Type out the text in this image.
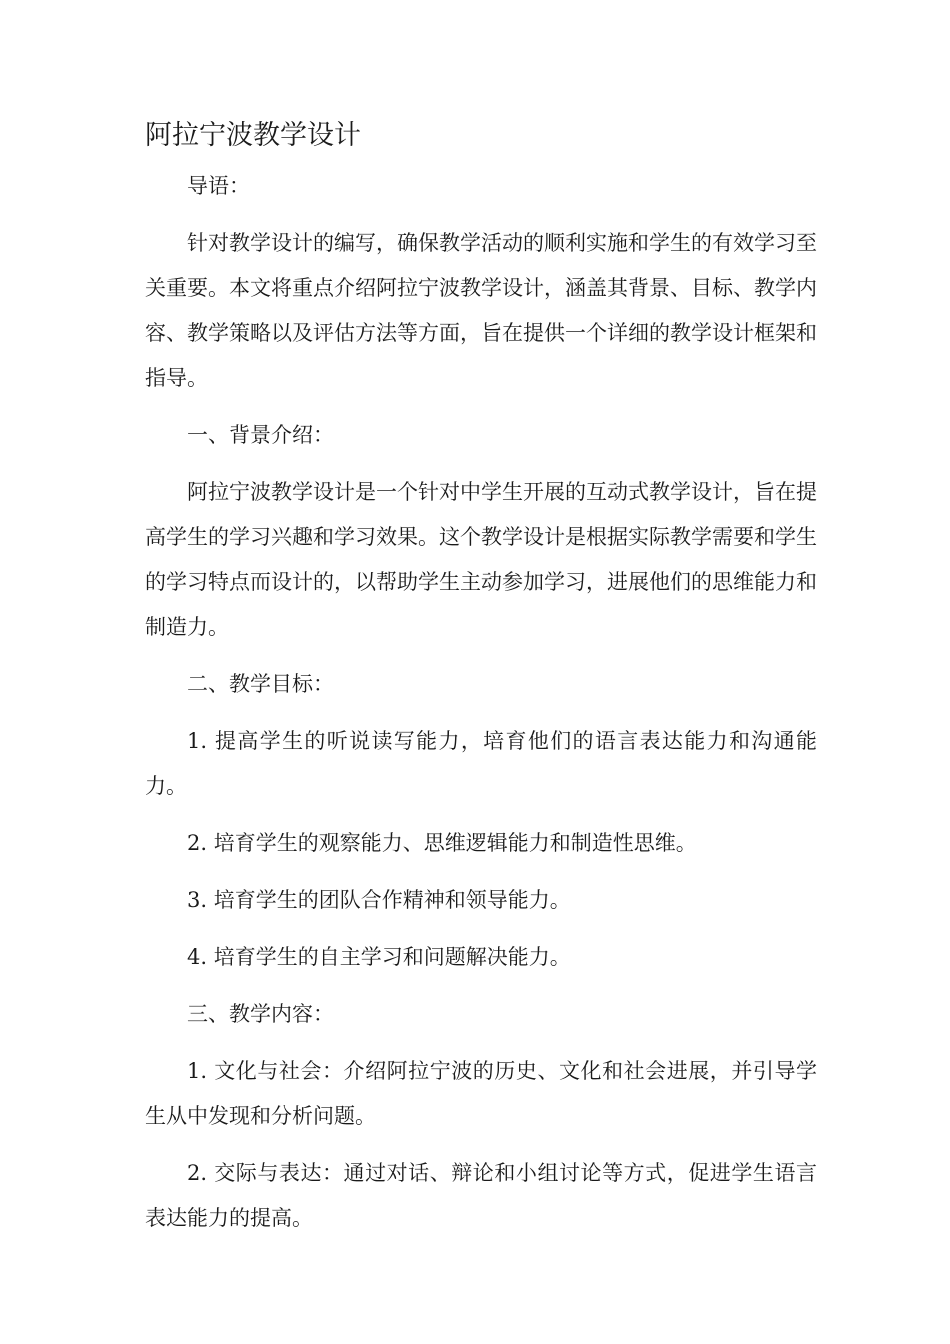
阿拉宁波教学设计

导语：

针对教学设计的编写，确保教学活动的顺利实施和学生的有效学习至关重要。本文将重点介绍阿拉宁波教学设计，涵盖其背景、目标、教学内容、教学策略以及评估方法等方面，旨在提供一个详细的教学设计框架和指导。

一、背景介绍：

阿拉宁波教学设计是一个针对中学生开展的互动式教学设计，旨在提高学生的学习兴趣和学习效果。这个教学设计是根据实际教学需要和学生的学习特点而设计的，以帮助学生主动参加学习，进展他们的思维能力和制造力。

二、教学目标：

1. 提高学生的听说读写能力，培育他们的语言表达能力和沟通能力。

2. 培育学生的观察能力、思维逻辑能力和制造性思维。

3. 培育学生的团队合作精神和领导能力。

4. 培育学生的自主学习和问题解决能力。

三、教学内容：

1. 文化与社会：介绍阿拉宁波的历史、文化和社会进展，并引导学生从中发现和分析问题。

2. 交际与表达：通过对话、辩论和小组讨论等方式，促进学生语言表达能力的提高。
